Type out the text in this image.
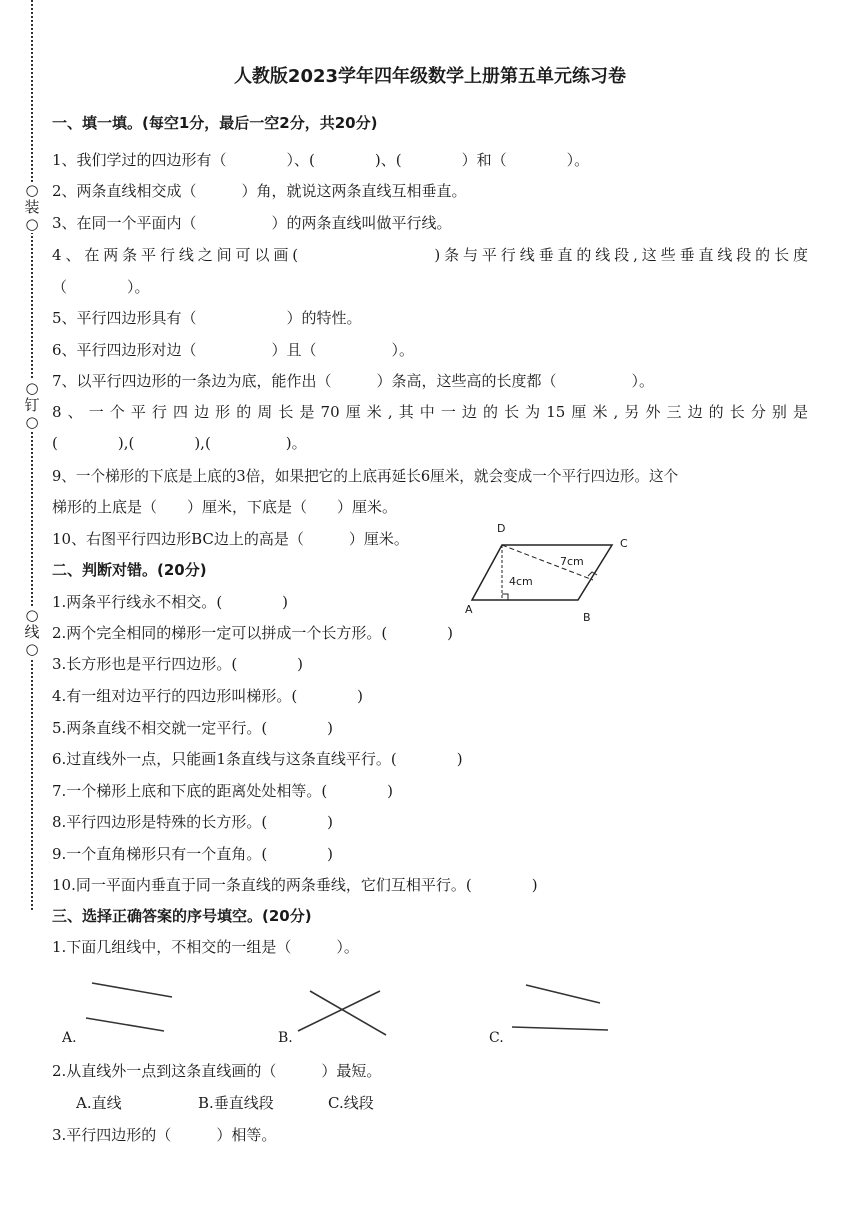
○
装
○
○
钉
○
○
线
○
人教版2023学年四年级数学上册第五单元练习卷
一、填一填。(每空1分，最后一空2分，共20分)
1、我们学过的四边形有（　　　　）、(　　　　)、(　　　　）和（　　　　）。
2、两条直线相交成（　　　）角，就说这两条直线互相垂直。
3、在同一个平面内（　　　　　）的两条直线叫做平行线。
4、在两条平行线之间可以画(　　　　　　　)条与平行线垂直的线段,这些垂直线段的长度
（　　　　）。
5、平行四边形具有（　　　　　　）的特性。
6、平行四边形对边（　　　　　）且（　　　　　）。
7、以平行四边形的一条边为底，能作出（　　　）条高，这些高的长度都（　　　　　）。
8、一个平行四边形的周长是70厘米,其中一边的长为15厘米,另外三边的长分别是
(　　　　),(　　　　),(　　　　　)。
9、一个梯形的下底是上底的3倍，如果把它的上底再延长6厘米，就会变成一个平行四边形。这个
梯形的上底是（　　）厘米，下底是（　　）厘米。
10、右图平行四边形BC边上的高是（　　　）厘米。
D
C
A
B
7cm
4cm
二、判断对错。(20分)
1.两条平行线永不相交。(　　　　)
2.两个完全相同的梯形一定可以拼成一个长方形。(　　　　)
3.长方形也是平行四边形。(　　　　)
4.有一组对边平行的四边形叫梯形。(　　　　)
5.两条直线不相交就一定平行。(　　　　)
6.过直线外一点，只能画1条直线与这条直线平行。(　　　　)
7.一个梯形上底和下底的距离处处相等。(　　　　)
8.平行四边形是特殊的长方形。(　　　　)
9.一个直角梯形只有一个直角。(　　　　)
10.同一平面内垂直于同一条直线的两条垂线，它们互相平行。(　　　　)
三、选择正确答案的序号填空。(20分)
1.下面几组线中，不相交的一组是（　　　）。
A.	B.	C.
2.从直线外一点到这条直线画的（　　　）最短。
A.直线	B.垂直线段	C.线段
3.平行四边形的（　　　）相等。
